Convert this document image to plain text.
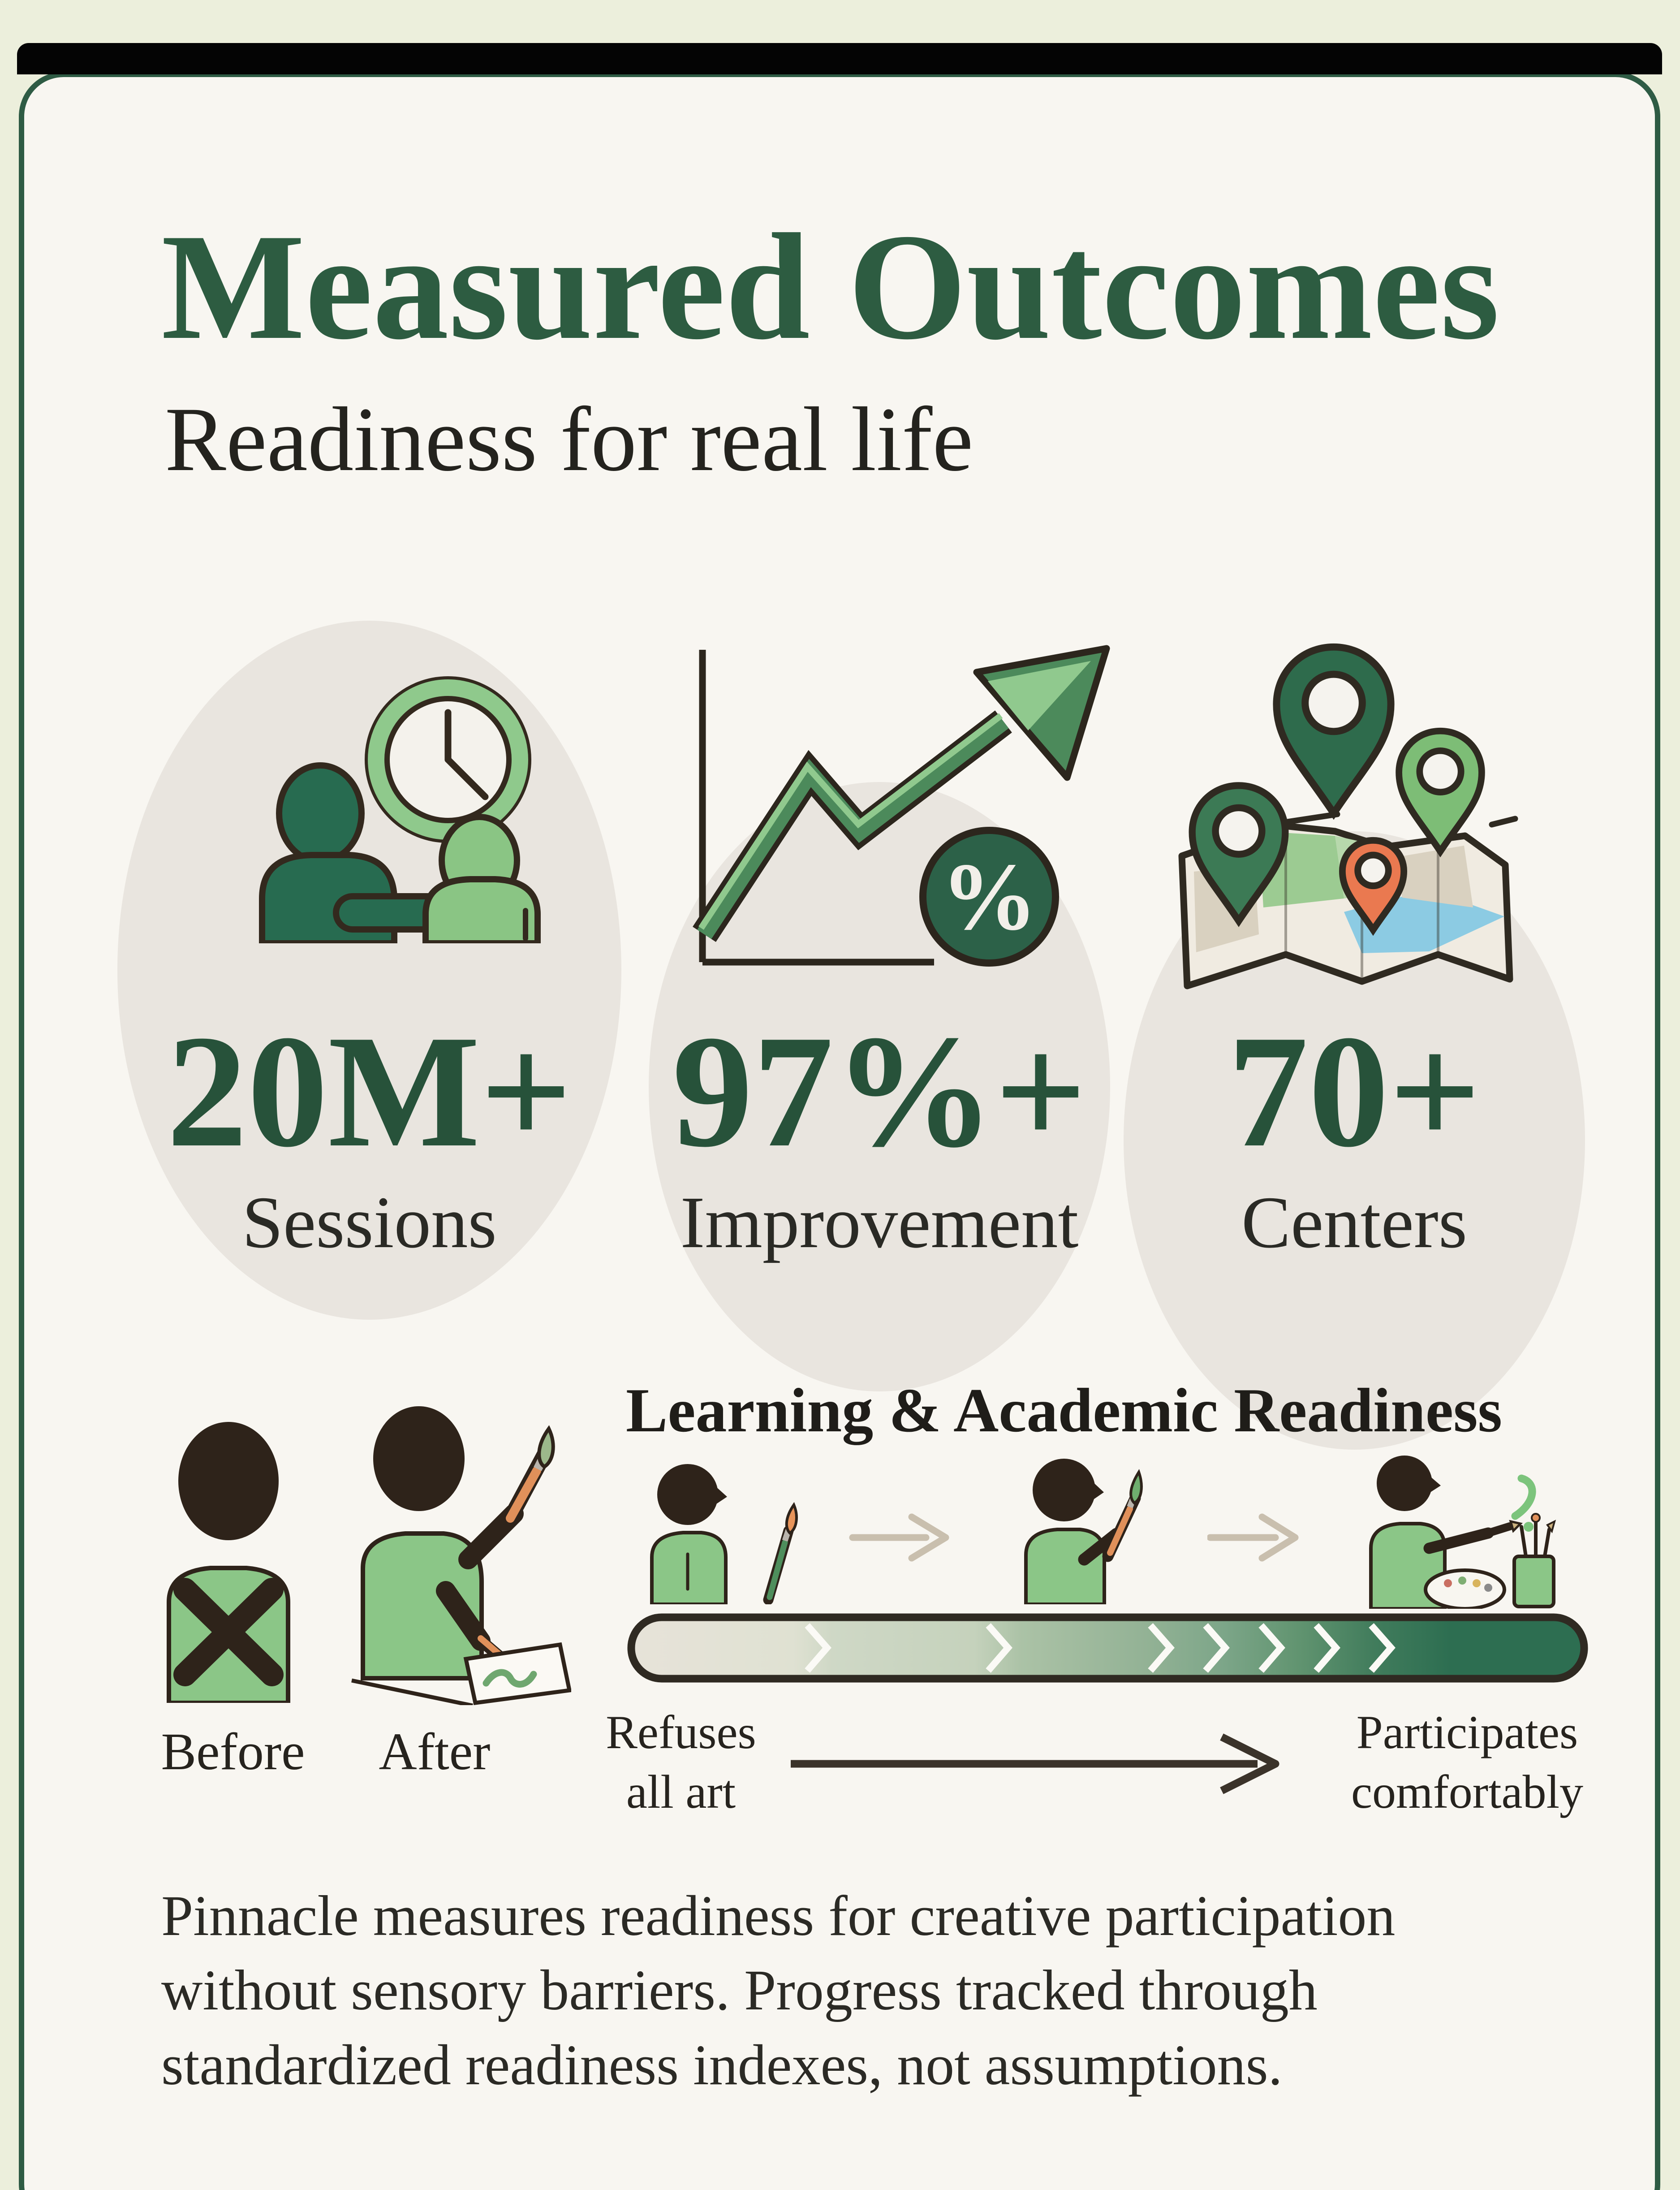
Measured Outcomes
Readiness for real life
20M+
Sessions
%
97%+
Improvement
70+
Centers
Learning & Academic Readiness
Before	After	Refuses
all art
Participates
comfortably
Pinnacle measures readiness for creative participation
without sensory barriers. Progress tracked through
standardized readiness indexes, not assumptions.
